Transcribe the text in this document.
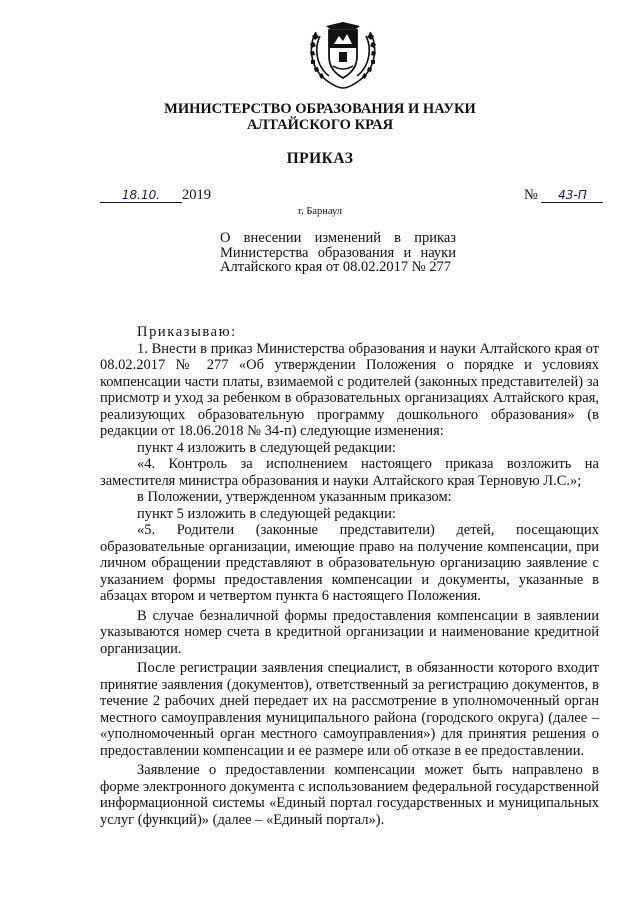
МИНИСТЕРСТВО ОБРАЗОВАНИЯ И НАУКИ
АЛТАЙСКОГО КРАЯ
ПРИКАЗ
18.10. 2019	№ 43-П
г. Барнаул
О внесении изменений в приказ
Министерства образования и науки
Алтайского края от 08.02.2017 № 277
Приказываю:

1. Внести в приказ Министерства образования и науки Алтайского края от 08.02.2017 № 277 «Об утверждении Положения о порядке и условиях компенсации части платы, взимаемой с родителей (законных представителей) за присмотр и уход за ребенком в образовательных организациях Алтайского края, реализующих образовательную программу дошкольного образования» (в редакции от 18.06.2018 № 34-п) следующие изменения:

пункт 4 изложить в следующей редакции:

«4. Контроль за исполнением настоящего приказа возложить на заместителя министра образования и науки Алтайского края Терновую Л.С.»;

в Положении, утвержденном указанным приказом:

пункт 5 изложить в следующей редакции:

«5. Родители (законные представители) детей, посещающих образовательные организации, имеющие право на получение компенсации, при личном обращении представляют в образовательную организацию заявление с указанием формы предоставления компенсации и документы, указанные в абзацах втором и четвертом пункта 6 настоящего Положения.

В случае безналичной формы предоставления компенсации в заявлении указываются номер счета в кредитной организации и наименование кредитной организации.

После регистрации заявления специалист, в обязанности которого входит принятие заявления (документов), ответственный за регистрацию документов, в течение 2 рабочих дней передает их на рассмотрение в уполномоченный орган местного самоуправления муниципального района (городского округа) (далее – «уполномоченный орган местного самоуправления») для принятия решения о предоставлении компенсации и ее размере или об отказе в ее предоставлении.

Заявление о предоставлении компенсации может быть направлено в форме электронного документа с использованием федеральной государственной информационной системы «Единый портал государственных и муниципальных услуг (функций)» (далее – «Единый портал»).
